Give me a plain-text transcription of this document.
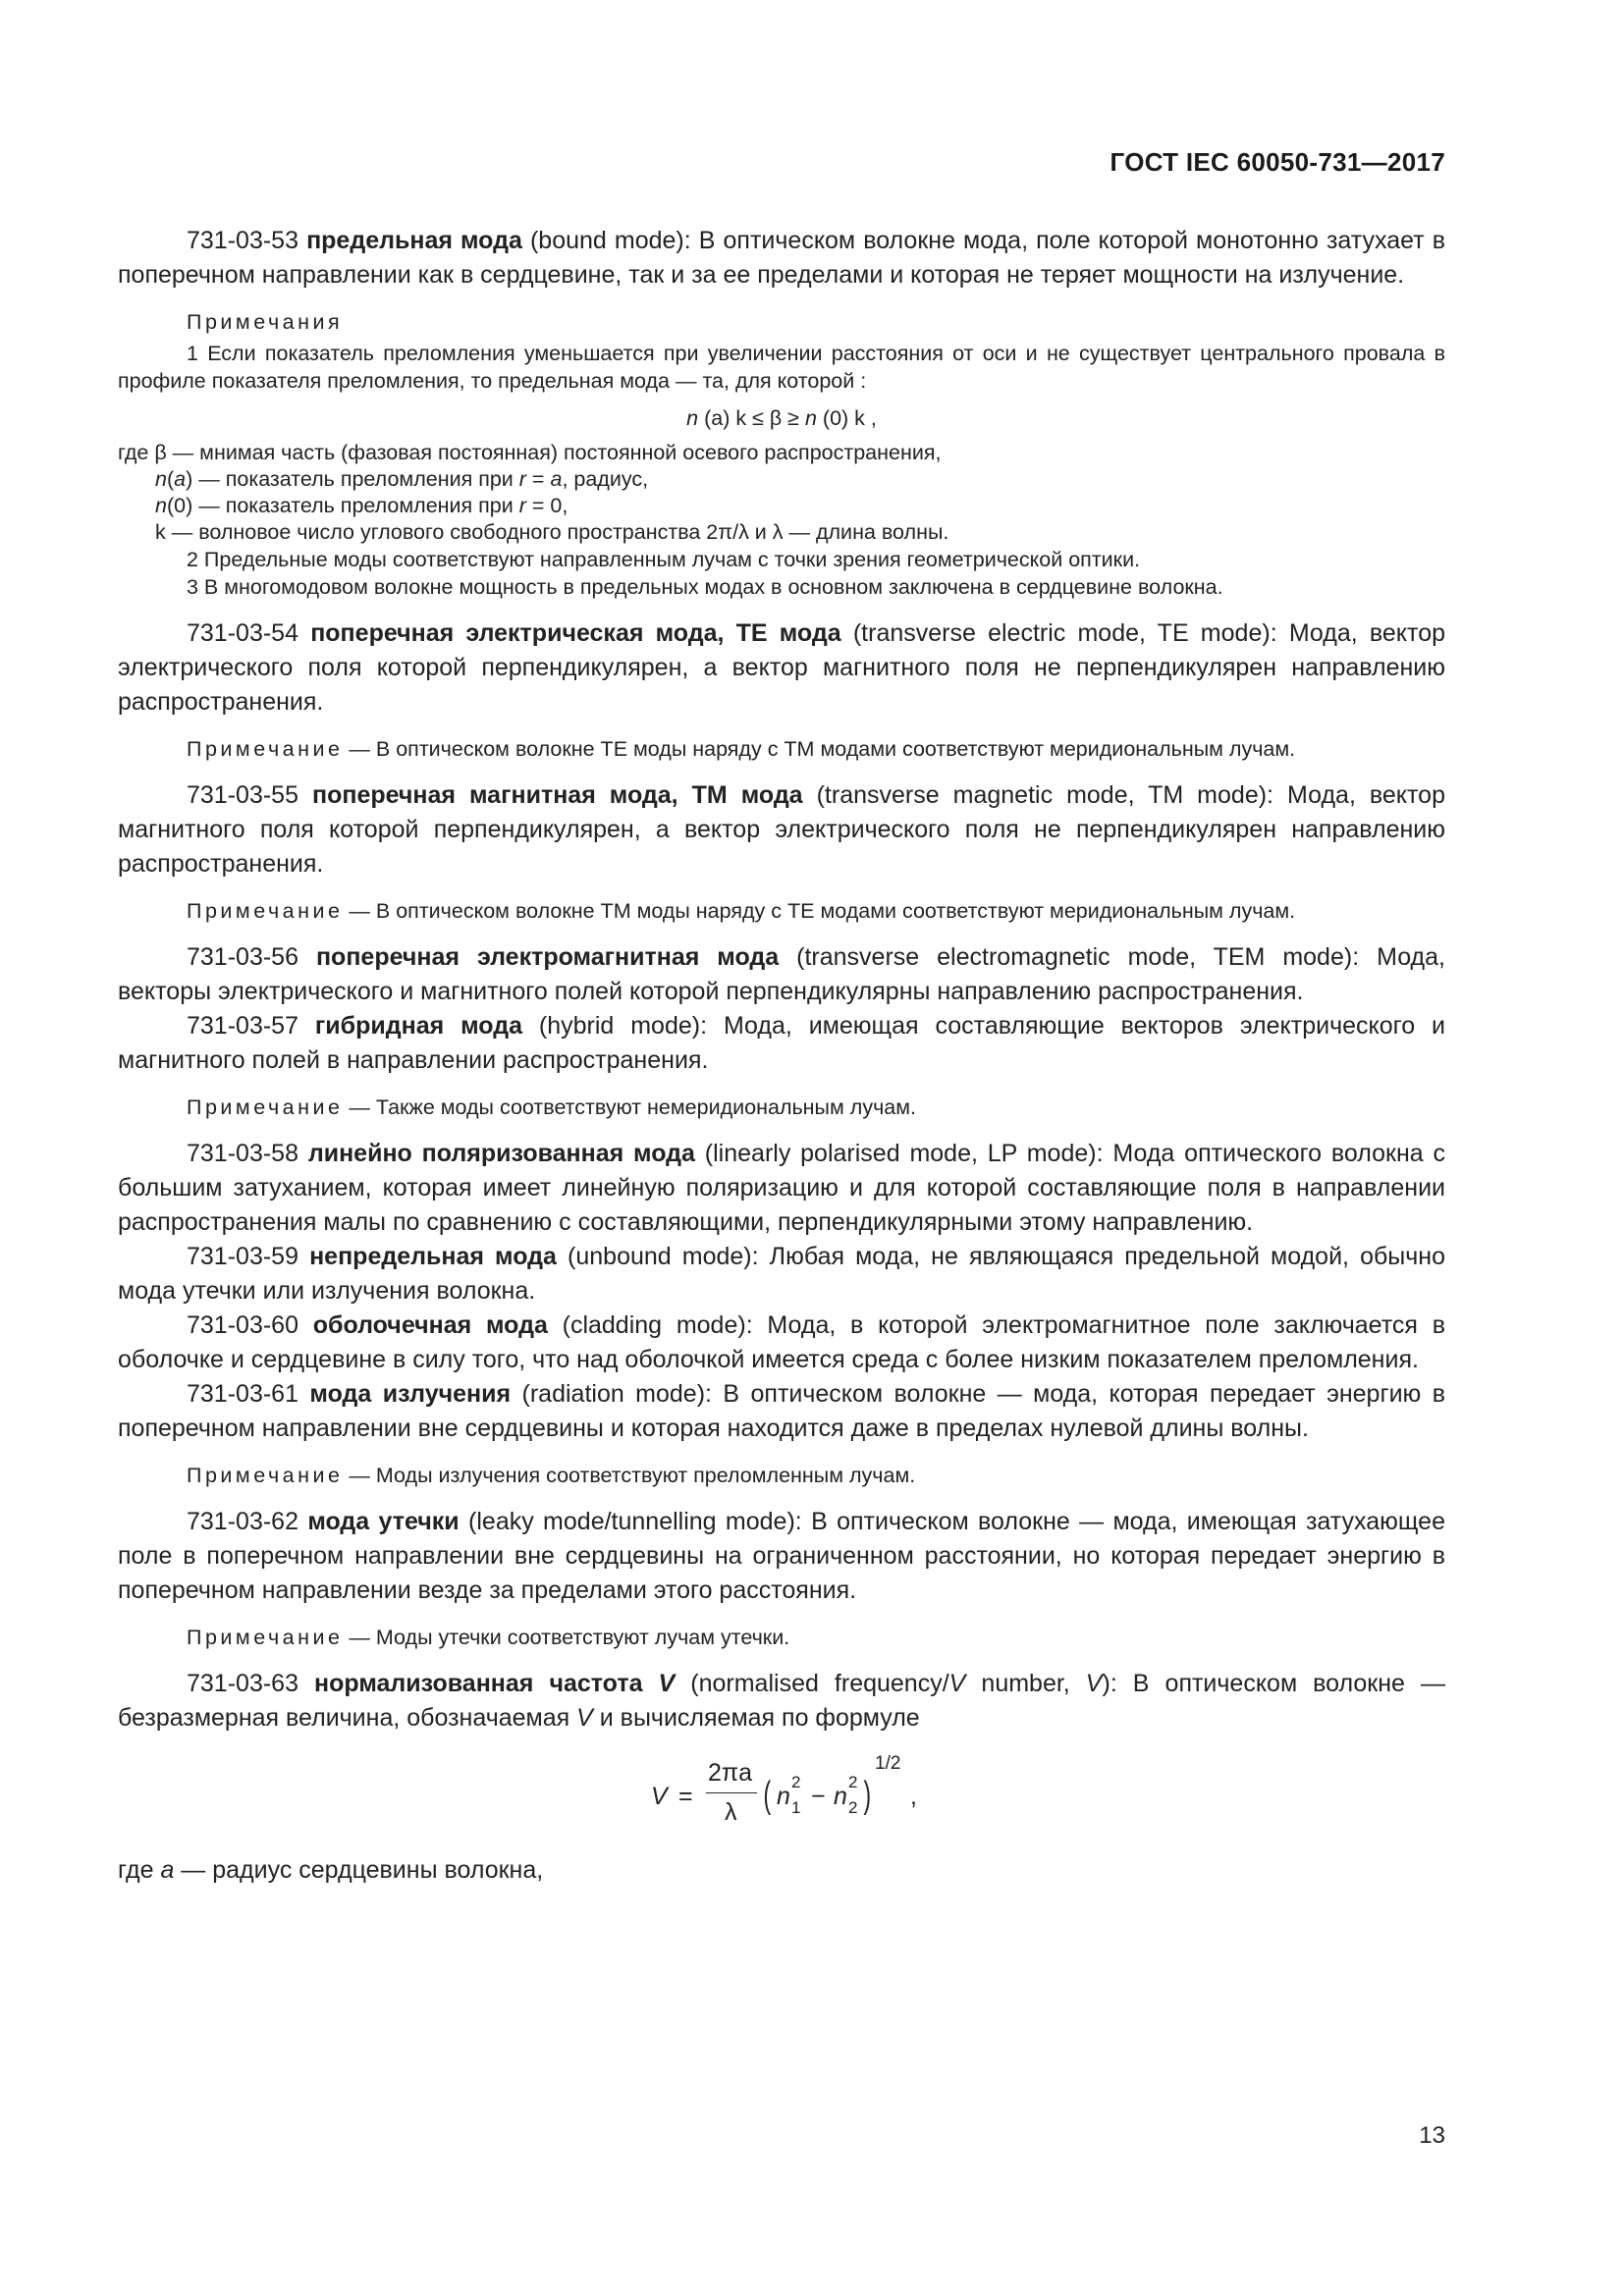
ГОСТ IEC 60050-731—2017

731-03-53 предельная мода (bound mode): В оптическом волокне мода, поле которой монотонно затухает в поперечном направлении как в сердцевине, так и за ее пределами и которая не теряет мощности на излучение.

Примечания

1 Если показатель преломления уменьшается при увеличении расстояния от оси и не существует центрального провала в профиле показателя преломления, то предельная мода — та, для которой :

n (a) k ≤ β ≥ n (0) k ,

где β — мнимая часть (фазовая постоянная) постоянной осевого распространения,

n(a) — показатель преломления при r = a, радиус,

n(0) — показатель преломления при r = 0,

k — волновое число углового свободного пространства 2π/λ и λ — длина волны.

2 Предельные моды соответствуют направленным лучам с точки зрения геометрической оптики.

3 В многомодовом волокне мощность в предельных модах в основном заключена в сердцевине волокна.

731-03-54 поперечная электрическая мода, ТЕ мода (transverse electric mode, TE mode): Мода, вектор электрического поля которой перпендикулярен, а вектор магнитного поля не перпендикулярен направлению распространения.

Примечание — В оптическом волокне ТЕ моды наряду с ТМ модами соответствуют меридиональным лучам.

731-03-55 поперечная магнитная мода, ТМ мода (transverse magnetic mode, TM mode): Мода, вектор магнитного поля которой перпендикулярен, а вектор электрического поля не перпендикулярен направлению распространения.

Примечание — В оптическом волокне ТМ моды наряду с ТЕ модами соответствуют меридиональным лучам.

731-03-56 поперечная электромагнитная мода (transverse electromagnetic mode, TEM mode): Мода, векторы электрического и магнитного полей которой перпендикулярны направлению распространения.

731-03-57 гибридная мода (hybrid mode): Мода, имеющая составляющие векторов электрического и магнитного полей в направлении распространения.

Примечание — Также моды соответствуют немеридиональным лучам.

731-03-58 линейно поляризованная мода (linearly polarised mode, LP mode): Мода оптического волокна с большим затуханием, которая имеет линейную поляризацию и для которой составляющие поля в направлении распространения малы по сравнению с составляющими, перпендикулярными этому направлению.

731-03-59 непредельная мода (unbound mode): Любая мода, не являющаяся предельной модой, обычно мода утечки или излучения волокна.

731-03-60 оболочечная мода (cladding mode): Мода, в которой электромагнитное поле заключается в оболочке и сердцевине в силу того, что над оболочкой имеется среда с более низким показателем преломления.

731-03-61 мода излучения (radiation mode): В оптическом волокне — мода, которая передает энергию в поперечном направлении вне сердцевины и которая находится даже в пределах нулевой длины волны.

Примечание — Моды излучения соответствуют преломленным лучам.

731-03-62 мода утечки (leaky mode/tunnelling mode): В оптическом волокне — мода, имеющая затухающее поле в поперечном направлении вне сердцевины на ограниченном расстоянии, но которая передает энергию в поперечном направлении везде за пределами этого расстояния.

Примечание — Моды утечки соответствуют лучам утечки.

731-03-63 нормализованная частота V (normalised frequency/V number, V): В оптическом волокне — безразмерная величина, обозначаемая V и вычисляемая по формуле

V =
2πa
λ ( n
2
1 − n
2
2 )
1/2
,

где a — радиус сердцевины волокна,

13
